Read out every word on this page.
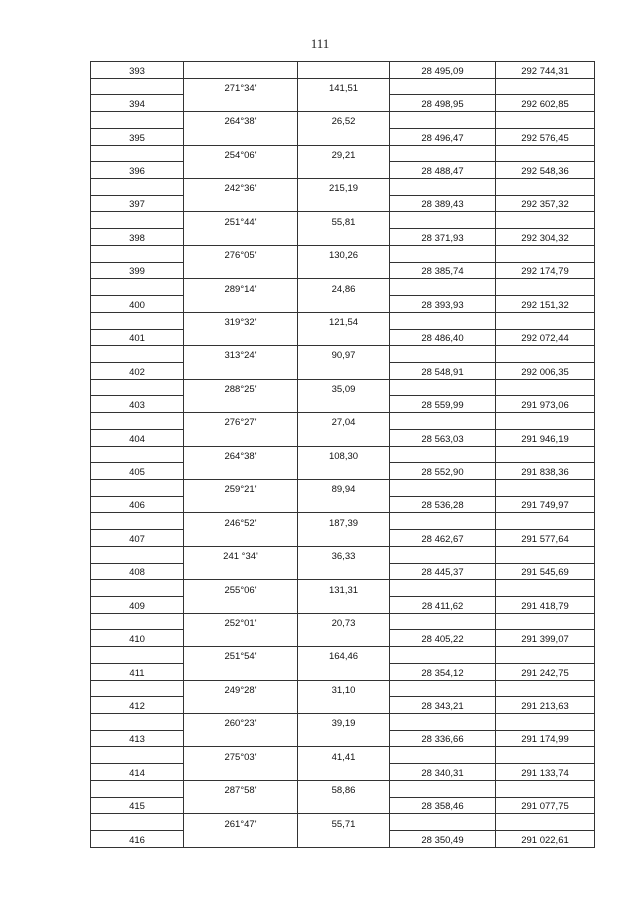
111
393			28 495,09	292 744,31
	271°34'	141,51		
394			28 498,95	292 602,85
	264°38'	26,52		
395			28 496,47	292 576,45
	254°06'	29,21		
396			28 488,47	292 548,36
	242°36'	215,19		
397			28 389,43	292 357,32
	251°44'	55,81		
398			28 371,93	292 304,32
	276°05'	130,26		
399			28 385,74	292 174,79
	289°14'	24,86		
400			28 393,93	292 151,32
	319°32'	121,54		
401			28 486,40	292 072,44
	313°24'	90,97		
402			28 548,91	292 006,35
	288°25'	35,09		
403			28 559,99	291 973,06
	276°27'	27,04		
404			28 563,03	291 946,19
	264°38'	108,30		
405			28 552,90	291 838,36
	259°21'	89,94		
406			28 536,28	291 749,97
	246°52'	187,39		
407			28 462,67	291 577,64
	241 °34'	36,33		
408			28 445,37	291 545,69
	255°06'	131,31		
409			28 411,62	291 418,79
	252°01'	20,73		
410			28 405,22	291 399,07
	251°54'	164,46		
411			28 354,12	291 242,75
	249°28'	31,10		
412			28 343,21	291 213,63
	260°23'	39,19		
413			28 336,66	291 174,99
	275°03'	41,41		
414			28 340,31	291 133,74
	287°58'	58,86		
415			28 358,46	291 077,75
	261°47'	55,71		
416			28 350,49	291 022,61
